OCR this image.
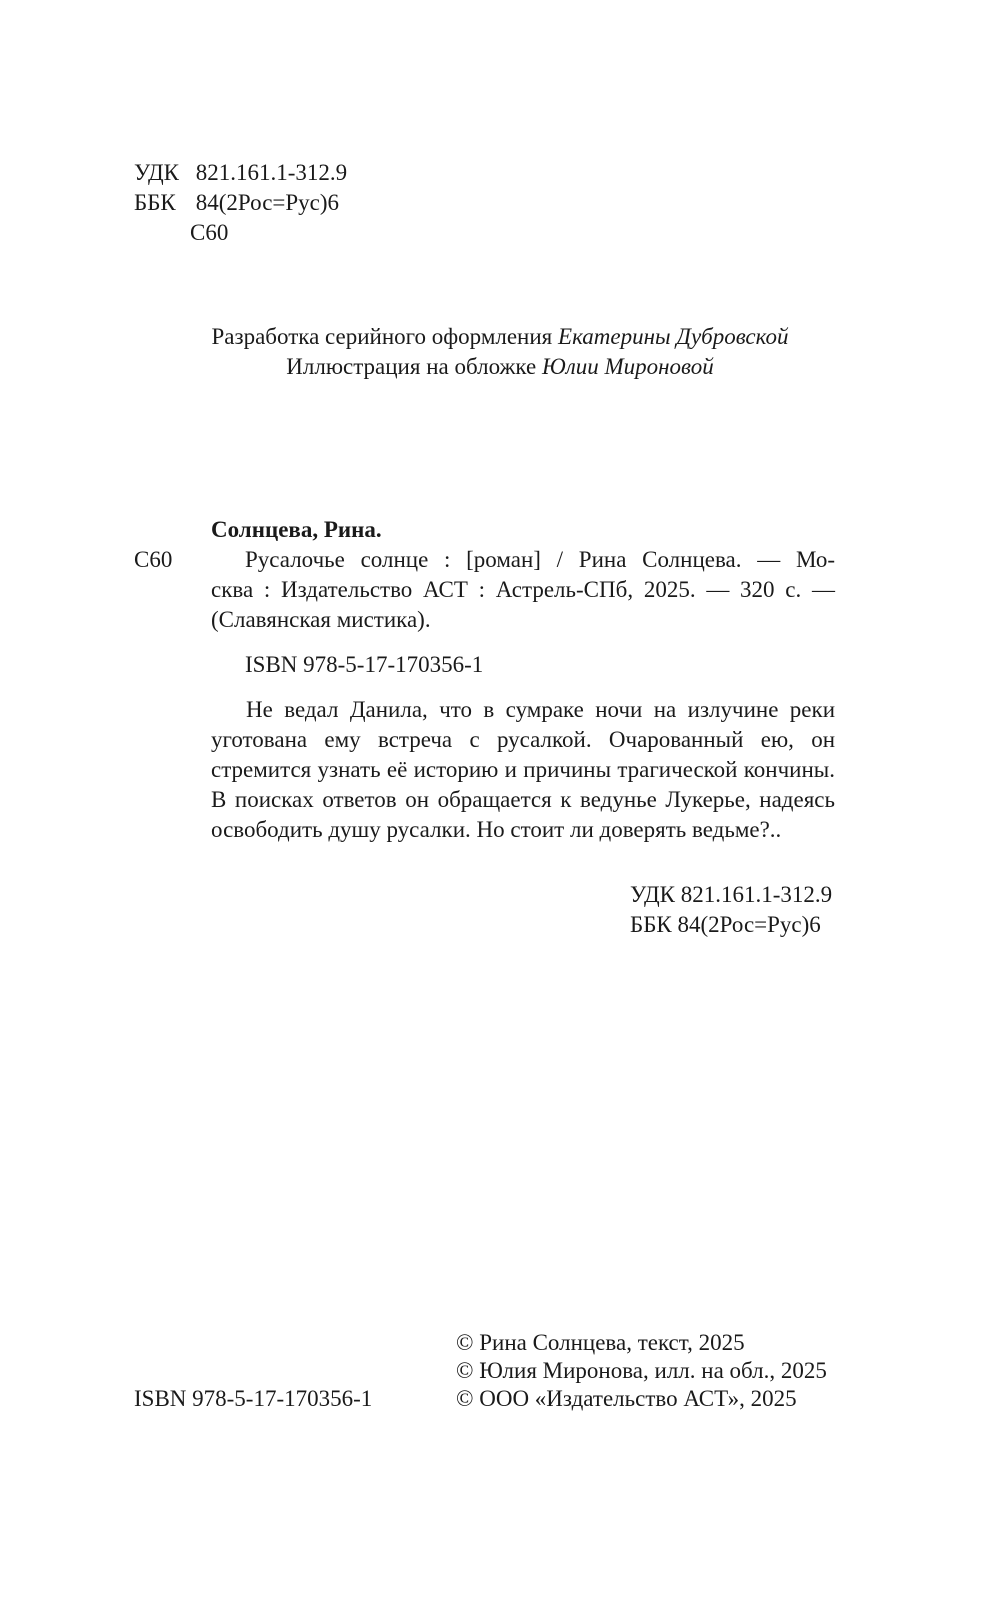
УДК 821.161.1-312.9
ББК 84(2Рос=Рус)6
С60
Разработка серийного оформления Екатерины Дубровской
Иллюстрация на обложке Юлии Мироновой
Солнцева, Рина.
С60	Русалочье солнце : [роман] / Рина Солнцева. — Мо-
сква : Издательство АСТ : Астрель-СПб, 2025. — 320 с. —
(Славянская мистика).
ISBN 978-5-17-170356-1
Не ведал Данила, что в сумраке ночи на излучине реки уготована ему встреча с русалкой. Очарованный ею, он стремится узнать её историю и причины трагической кончины. В поисках ответов он обращается к ведунье Лукерье, надеясь освободить душу русалки. Но стоит ли доверять ведьме?..
УДК 821.161.1-312.9
ББК 84(2Рос=Рус)6
© Рина Солнцева, текст, 2025
© Юлия Миронова, илл. на обл., 2025
ISBN 978-5-17-170356-1	© ООО «Издательство АСТ», 2025
